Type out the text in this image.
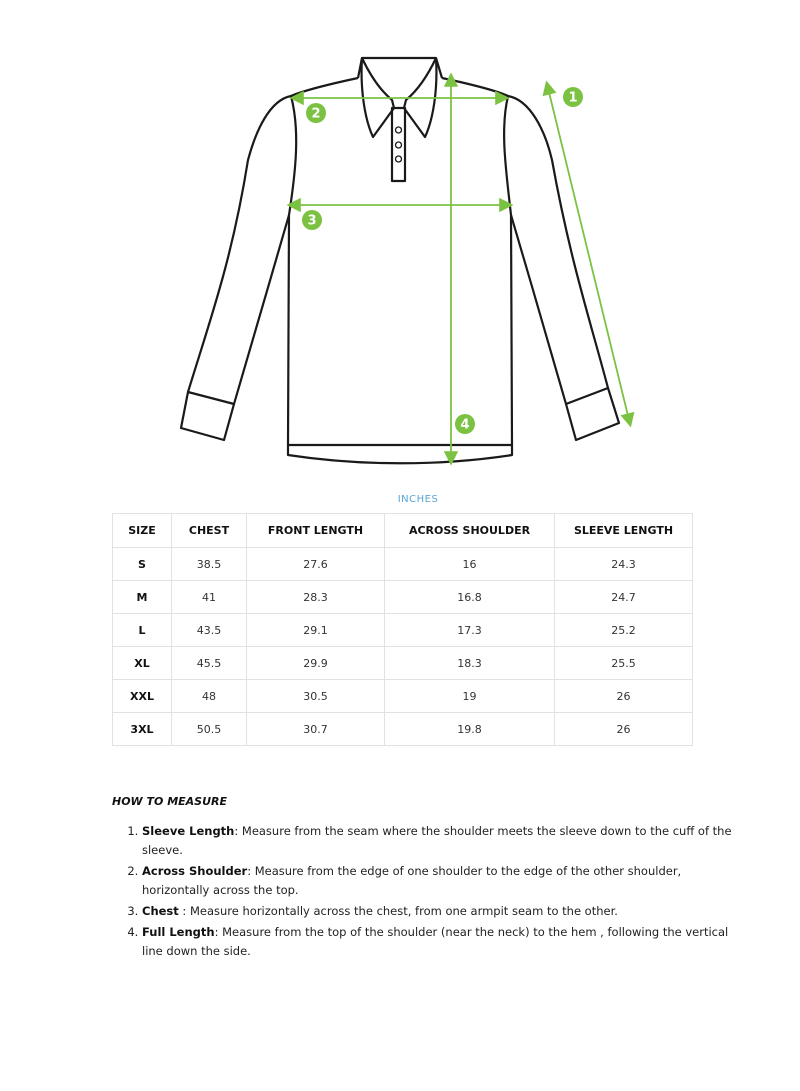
1
2
3
4
INCHES
SIZE	CHEST	FRONT LENGTH	ACROSS SHOULDER	SLEEVE LENGTH
S	38.5	27.6	16	24.3
M	41	28.3	16.8	24.7
L	43.5	29.1	17.3	25.2
XL	45.5	29.9	18.3	25.5
XXL	48	30.5	19	26
3XL	50.5	30.7	19.8	26
HOW TO MEASURE
1. Sleeve Length: Measure from the seam where the shoulder meets the sleeve down to the cuff of the sleeve.
2. Across Shoulder: Measure from the edge of one shoulder to the edge of the other shoulder, horizontally across the top.
3. Chest : Measure horizontally across the chest, from one armpit seam to the other.
4. Full Length: Measure from the top of the shoulder (near the neck) to the hem , following the vertical line down the side.
